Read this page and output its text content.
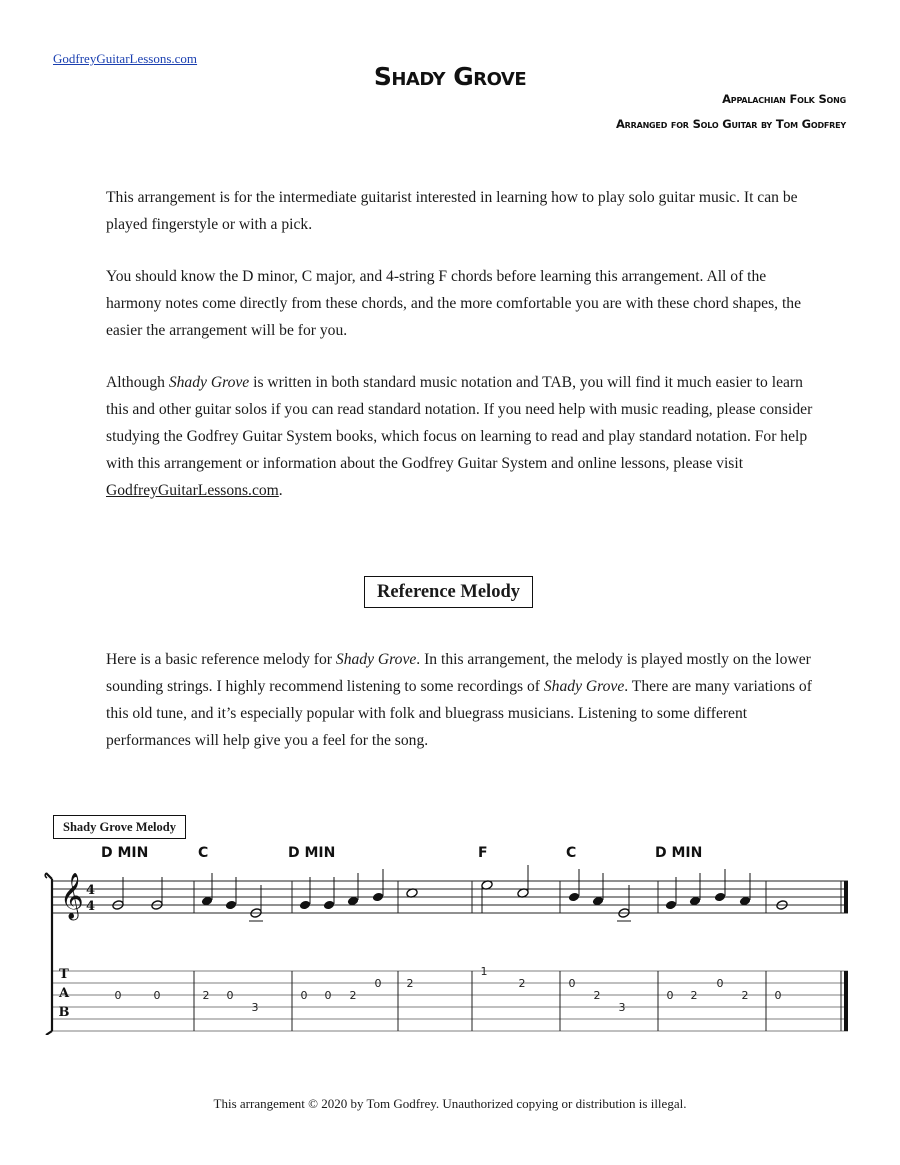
GodfreyGuitarLessons.com
Shady Grove
Appalachian Folk Song
Arranged for Solo Guitar by Tom Godfrey

This arrangement is for the intermediate guitarist interested in learning how to play solo guitar music. It can be played fingerstyle or with a pick.

You should know the D minor, C major, and 4-string F chords before learning this arrangement. All of the harmony notes come directly from these chords, and the more comfortable you are with these chord shapes, the easier the arrangement will be for you.

Although Shady Grove is written in both standard music notation and TAB, you will find it much easier to learn this and other guitar solos if you can read standard notation. If you need help with music reading, please consider studying the Godfrey Guitar System books, which focus on learning to read and play standard notation. For help with this arrangement or information about the Godfrey Guitar System and online lessons, please visit GodfreyGuitarLessons.com.

Reference Melody

Here is a basic reference melody for Shady Grove. In this arrangement, the melody is played mostly on the lower sounding strings. I highly recommend listening to some recordings of Shady Grove. There are many variations of this old tune, and it’s especially popular with folk and bluegrass musicians. Listening to some different performances will help give you a feel for the song.

Shady Grove Melody
D MIN	C	D MIN	F	C	D MIN
𝄞 4
4
T
A
B
0	0	2 0
3
0 0 2
0 2
1
2	0
2
3
0 2
0
2 0
This arrangement © 2020 by Tom Godfrey. Unauthorized copying or distribution is illegal.
